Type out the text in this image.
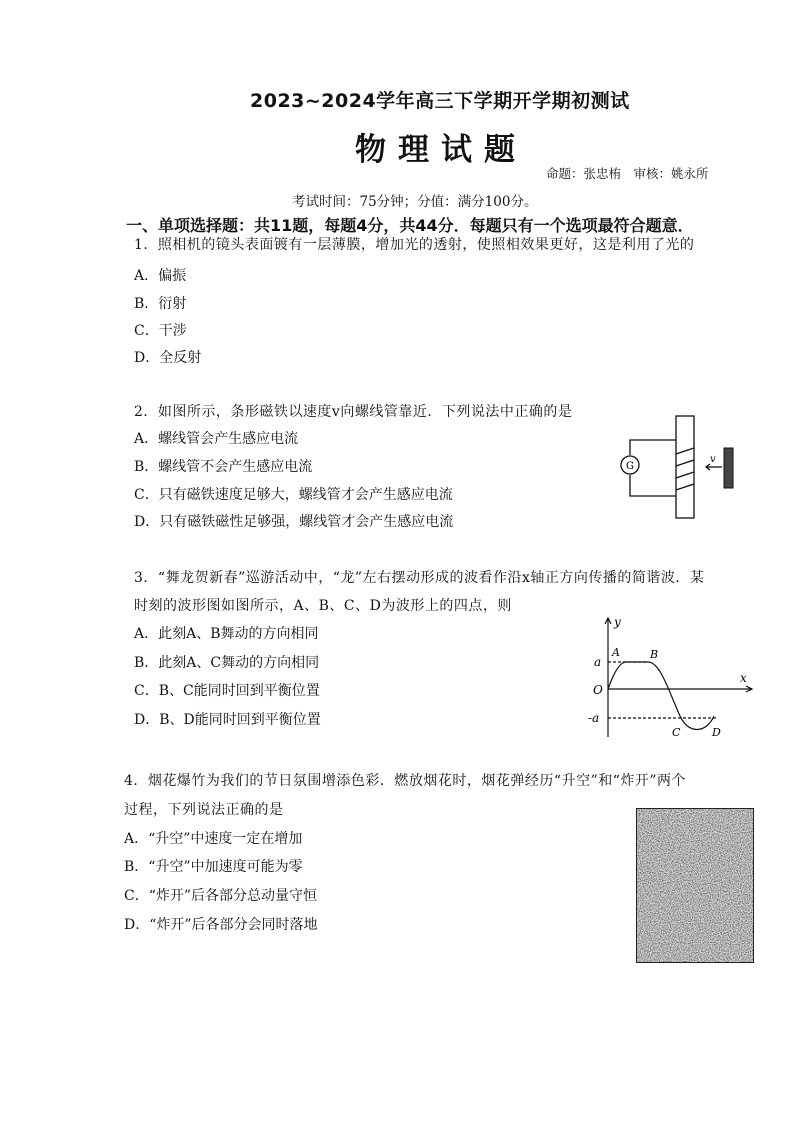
2023~2024学年高三下学期开学期初测试
物理试题
命题：张忠栯　审核：姚永所
考试时间：75分钟；分值：满分100分。
一、单项选择题：共11题，每题4分，共44分．每题只有一个选项最符合题意．
1．照相机的镜头表面镀有一层薄膜，增加光的透射，使照相效果更好，这是利用了光的
A．偏振
B．衍射
C．干涉
D．全反射
2．如图所示，条形磁铁以速度v向螺线管靠近．下列说法中正确的是
A．螺线管会产生感应电流
B．螺线管不会产生感应电流
C．只有磁铁速度足够大，螺线管才会产生感应电流
D．只有磁铁磁性足够强，螺线管才会产生感应电流
G
v
3．“舞龙贺新春”巡游活动中，“龙”左右摆动形成的波看作沿x轴正方向传播的简谐波．某
时刻的波形图如图所示，A、B、C、D为波形上的四点，则
A．此刻A、B舞动的方向相同
B．此刻A、C舞动的方向相同
C．B、C能同时回到平衡位置
D．B、D能同时回到平衡位置
y
x
O
a
-a
A	B
C	D
4．烟花爆竹为我们的节日氛围增添色彩．燃放烟花时，烟花弹经历“升空”和“炸开”两个
过程，下列说法正确的是
A．“升空”中速度一定在增加
B．“升空”中加速度可能为零
C．“炸开”后各部分总动量守恒
D．“炸开”后各部分会同时落地
